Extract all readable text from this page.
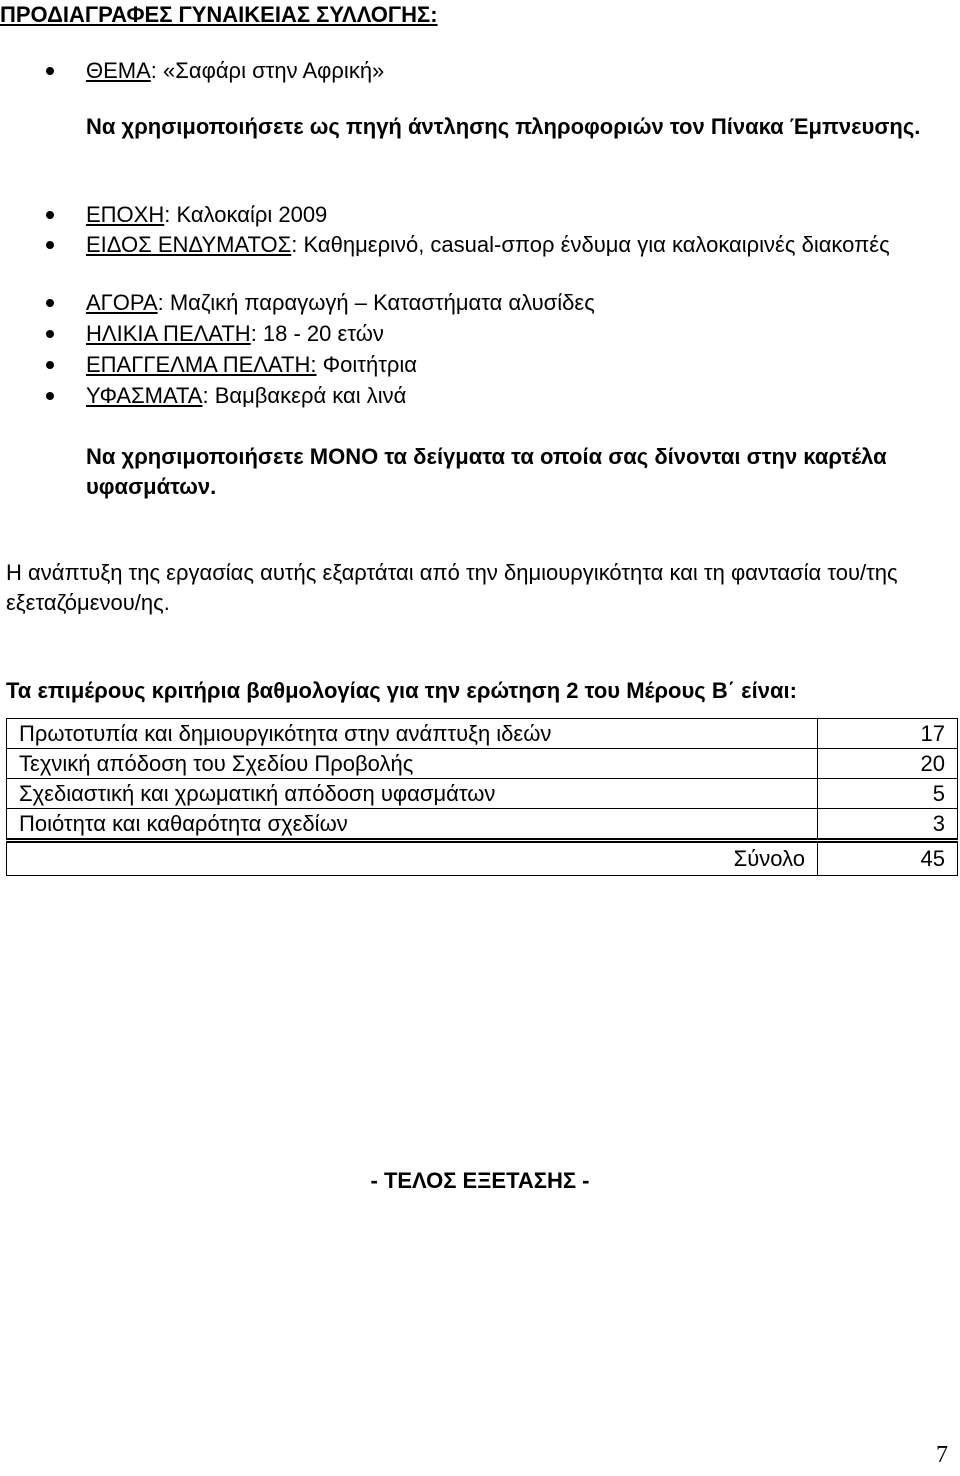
ΠΡΟΔΙΑΓΡΑΦΕΣ ΓΥΝΑΙΚΕΙΑΣ ΣΥΛΛΟΓΗΣ:
ΘΕΜΑ: «Σαφάρι στην Αφρική»
Να χρησιμοποιήσετε ως πηγή άντλησης πληροφοριών τον Πίνακα Έμπνευσης.
ΕΠΟΧΗ: Καλοκαίρι 2009
ΕΙΔΟΣ ΕΝΔΥΜΑΤΟΣ: Καθημερινό, casual-σπορ ένδυμα για καλοκαιρινές διακοπές
ΑΓΟΡΑ: Μαζική παραγωγή – Καταστήματα αλυσίδες
ΗΛΙΚΙΑ ΠΕΛΑΤΗ: 18 - 20 ετών
ΕΠΑΓΓΕΛΜΑ ΠΕΛΑΤΗ: Φοιτήτρια
ΥΦΑΣΜΑΤΑ: Βαμβακερά και λινά
Να χρησιμοποιήσετε ΜΟΝΟ τα δείγματα τα οποία σας δίνονται στην καρτέλα υφασμάτων.
Η ανάπτυξη της εργασίας αυτής εξαρτάται από την δημιουργικότητα και τη φαντασία του/της εξεταζόμενου/ης.
Τα επιμέρους κριτήρια βαθμολογίας για την ερώτηση 2 του Μέρους Β΄ είναι:
Πρωτοτυπία και δημιουργικότητα στην ανάπτυξη ιδεών	17
Τεχνική απόδοση του Σχεδίου Προβολής	20
Σχεδιαστική και χρωματική απόδοση υφασμάτων	5
Ποιότητα και καθαρότητα σχεδίων	3
Σύνολο	45
- ΤΕΛΟΣ ΕΞΕΤΑΣΗΣ -
7
